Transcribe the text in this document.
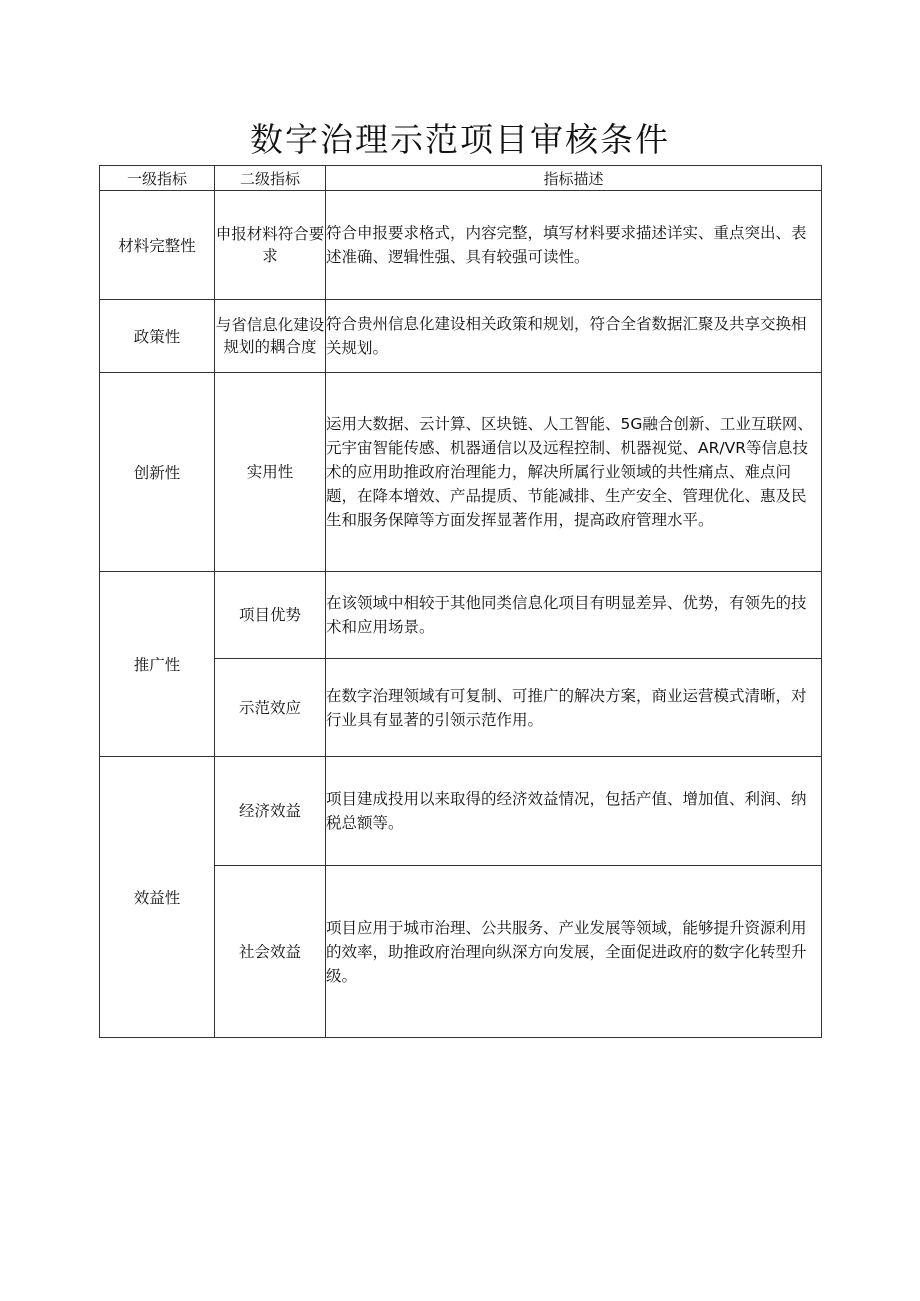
数字治理示范项目审核条件
一级指标	二级指标	指标描述
材料完整性	申报材料符合要求	符合申报要求格式，内容完整，填写材料要求描述详实、重点突出、表述准确、逻辑性强、具有较强可读性。
政策性	与省信息化建设规划的耦合度	符合贵州信息化建设相关政策和规划，符合全省数据汇聚及共享交换相关规划。
创新性	实用性	运用大数据、云计算、区块链、人工智能、5G融合创新、工业互联网、元宇宙智能传感、机器通信以及远程控制、机器视觉、AR/VR等信息技术的应用助推政府治理能力，解决所属行业领域的共性痛点、难点问题，在降本增效、产品提质、节能减排、生产安全、管理优化、惠及民生和服务保障等方面发挥显著作用，提高政府管理水平。
推广性	项目优势	在该领域中相较于其他同类信息化项目有明显差异、优势，有领先的技术和应用场景。
	示范效应	在数字治理领域有可复制、可推广的解决方案，商业运营模式清晰，对行业具有显著的引领示范作用。
效益性	经济效益	项目建成投用以来取得的经济效益情况，包括产值、增加值、利润、纳税总额等。
	社会效益	项目应用于城市治理、公共服务、产业发展等领域，能够提升资源利用的效率，助推政府治理向纵深方向发展，全面促进政府的数字化转型升级。
